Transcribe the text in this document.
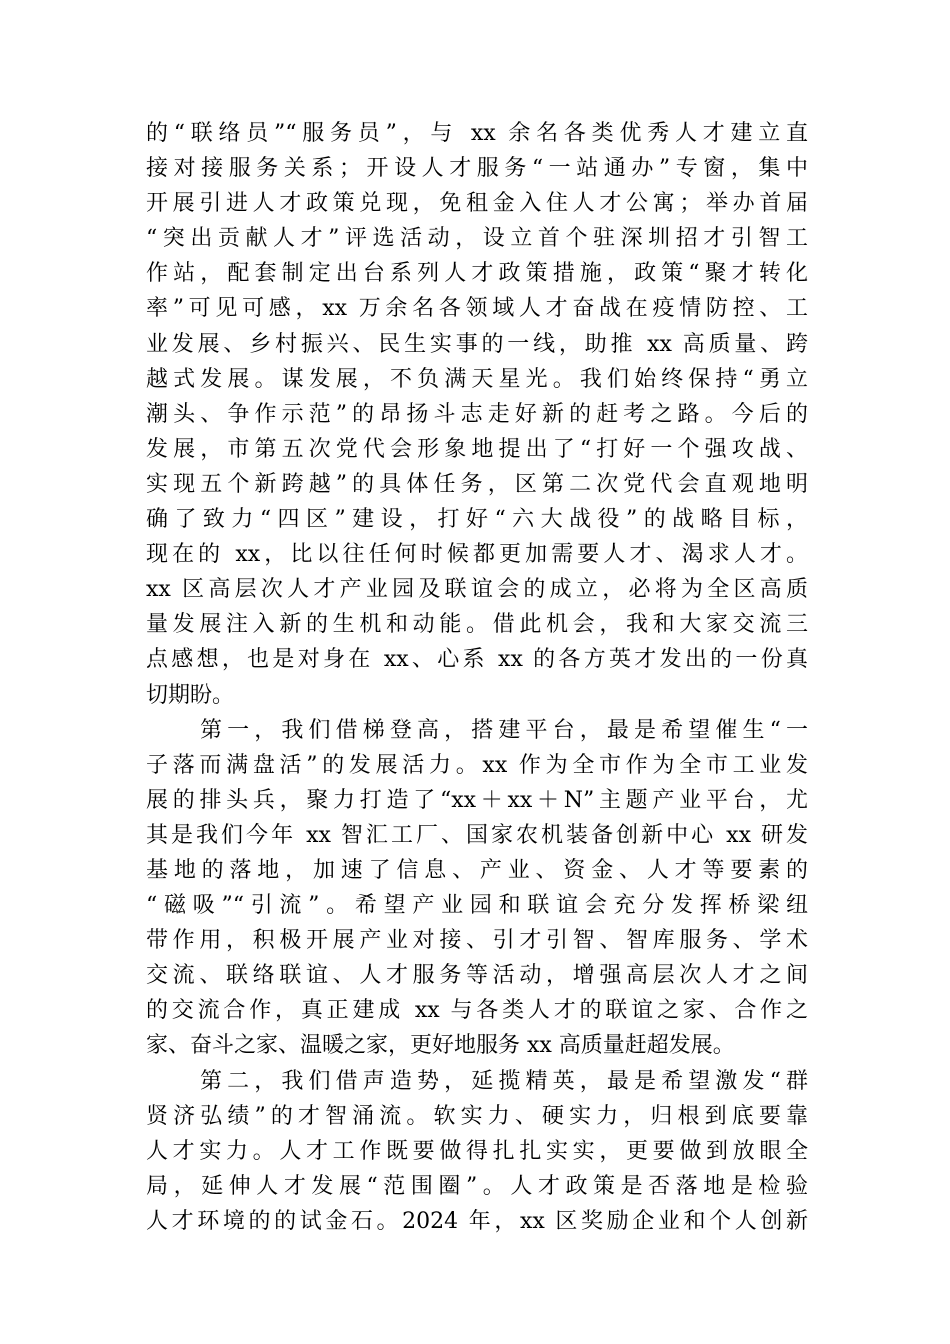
的“联络员”“服务员”，与 xx 余名各类优秀人才建立直
接对接服务关系；开设人才服务“一站通办”专窗，集中
开展引进人才政策兑现，免租金入住人才公寓；举办首届
“突出贡献人才”评选活动，设立首个驻深圳招才引智工
作站，配套制定出台系列人才政策措施，政策“聚才转化
率”可见可感，xx 万余名各领域人才奋战在疫情防控、工
业发展、乡村振兴、民生实事的一线，助推 xx 高质量、跨
越式发展。谋发展，不负满天星光。我们始终保持“勇立
潮头、争作示范”的昂扬斗志走好新的赶考之路。今后的
发展，市第五次党代会形象地提出了“打好一个强攻战、
实现五个新跨越”的具体任务，区第二次党代会直观地明
确了致力“四区”建设，打好“六大战役”的战略目标，
现在的 xx，比以往任何时候都更加需要人才、渴求人才。
xx 区高层次人才产业园及联谊会的成立，必将为全区高质
量发展注入新的生机和动能。借此机会，我和大家交流三
点感想，也是对身在 xx、心系 xx 的各方英才发出的一份真
切期盼。
第一，我们借梯登高，搭建平台，最是希望催生“一
子落而满盘活”的发展活力。xx 作为全市作为全市工业发
展的排头兵，聚力打造了“xx＋xx＋N”主题产业平台，尤
其是我们今年 xx 智汇工厂、国家农机装备创新中心 xx 研发
基地的落地，加速了信息、产业、资金、人才等要素的
“磁吸”“引流”。希望产业园和联谊会充分发挥桥梁纽
带作用，积极开展产业对接、引才引智、智库服务、学术
交流、联络联谊、人才服务等活动，增强高层次人才之间
的交流合作，真正建成 xx 与各类人才的联谊之家、合作之
家、奋斗之家、温暖之家，更好地服务 xx 高质量赶超发展。
第二，我们借声造势，延揽精英，最是希望激发“群
贤济弘绩”的才智涌流。软实力、硬实力，归根到底要靠
人才实力。人才工作既要做得扎扎实实，更要做到放眼全
局，延伸人才发展“范围圈”。人才政策是否落地是检验
人才环境的的试金石。2024 年，xx 区奖励企业和个人创新
